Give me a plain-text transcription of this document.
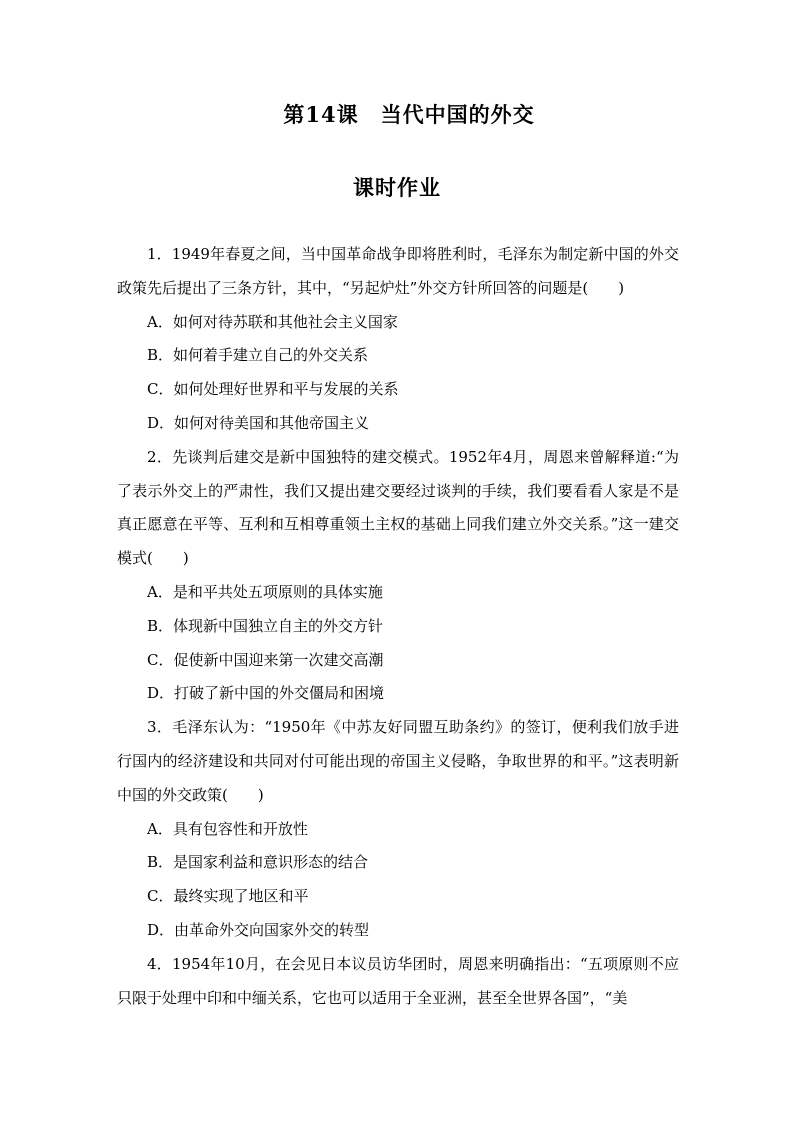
第14课　当代中国的外交
课时作业

1．1949年春夏之间，当中国革命战争即将胜利时，毛泽东为制定新中国的外交政策先后提出了三条方针，其中，“另起炉灶”外交方针所回答的问题是(　　)

A．如何对待苏联和其他社会主义国家

B．如何着手建立自己的外交关系

C．如何处理好世界和平与发展的关系

D．如何对待美国和其他帝国主义

2．先谈判后建交是新中国独特的建交模式。1952年4月，周恩来曾解释道:“为了表示外交上的严肃性，我们又提出建交要经过谈判的手续，我们要看看人家是不是真正愿意在平等、互利和互相尊重领土主权的基础上同我们建立外交关系。”这一建交模式(　　)

A．是和平共处五项原则的具体实施

B．体现新中国独立自主的外交方针

C．促使新中国迎来第一次建交高潮

D．打破了新中国的外交僵局和困境

3．毛泽东认为：“1950年《中苏友好同盟互助条约》的签订，便利我们放手进行国内的经济建设和共同对付可能出现的帝国主义侵略，争取世界的和平。”这表明新中国的外交政策(　　)

A．具有包容性和开放性

B．是国家利益和意识形态的结合

C．最终实现了地区和平

D．由革命外交向国家外交的转型

4．1954年10月，在会见日本议员访华团时，周恩来明确指出：“五项原则不应只限于处理中印和中缅关系，它也可以适用于全亚洲，甚至全世界各国”，“美
